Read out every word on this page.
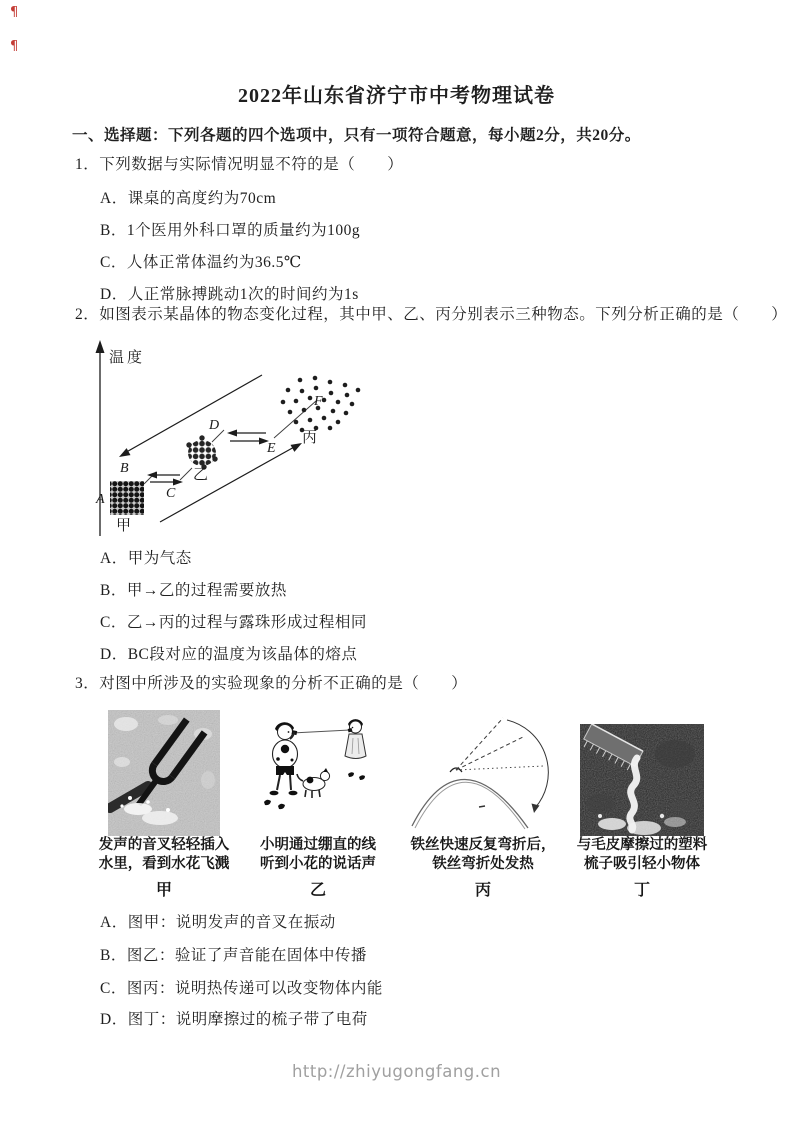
¶
¶
2022年山东省济宁市中考物理试卷
一、选择题：下列各题的四个选项中，只有一项符合题意，每小题2分，共20分。
1．下列数据与实际情况明显不符的是（　　）
A．课桌的高度约为70cm
B．1个医用外科口罩的质量约为100g
C．人体正常体温约为36.5℃
D．人正常脉搏跳动1次的时间约为1s
2．如图表示某晶体的物态变化过程，其中甲、乙、丙分别表示三种物态。下列分析正确的是（　　）
温度
A
甲
B
C
乙
D
E
F
丙
A．甲为气态
B．甲→乙的过程需要放热
C．乙→丙的过程与露珠形成过程相同
D．BC段对应的温度为该晶体的熔点
3．对图中所涉及的实验现象的分析不正确的是（　　）
发声的音叉轻轻插入
水里，看到水花飞溅
甲
小明通过绷直的线
听到小花的说话声
乙
铁丝快速反复弯折后，
铁丝弯折处发热
丙
与毛皮摩擦过的塑料
梳子吸引轻小物体
丁
A．图甲：说明发声的音叉在振动
B．图乙：验证了声音能在固体中传播
C．图丙：说明热传递可以改变物体内能
D．图丁：说明摩擦过的梳子带了电荷
http://zhiyugongfang.cn
